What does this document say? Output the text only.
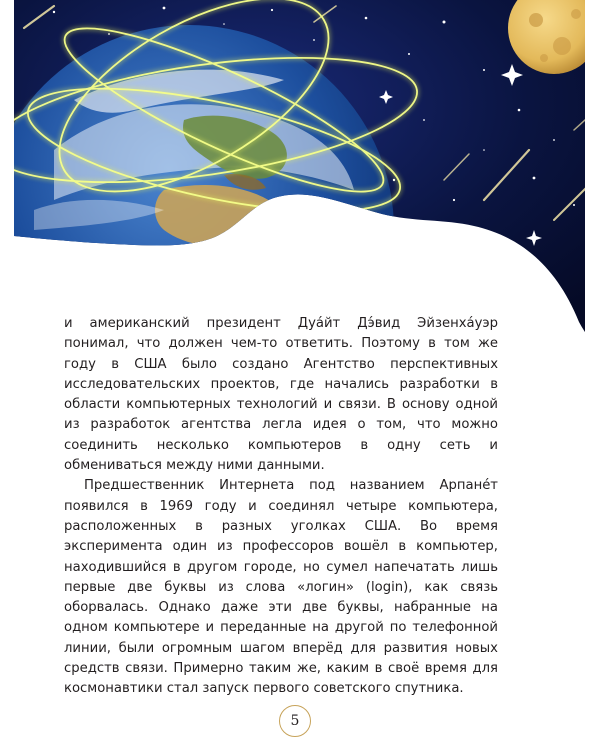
и американский президент Дуа́йт Дэ́вид Эйзенха́уэр понимал, что должен чем-то ответить. Поэтому в том же году в США было создано Агентство перспективных исследовательских проектов, где начались разработки в области компьютерных технологий и связи. В основу одной из разработок агентства легла идея о том, что можно соединить несколько компьютеров в одну сеть и обмениваться между ними данными.

Предшественник Интернета под названием Арпане́т появился в 1969 году и соединял четыре компьютера, расположенных в разных уголках США. Во время эксперимента один из профессоров вошёл в компьютер, находившийся в другом городе, но сумел напечатать лишь первые две буквы из слова «логин» (login), как связь оборвалась. Однако даже эти две буквы, набранные на одном компьютере и переданные на другой по телефонной линии, были огромным шагом вперёд для развития новых средств связи. Примерно таким же, каким в своё время для космонавтики стал запуск первого советского спутника.

5
